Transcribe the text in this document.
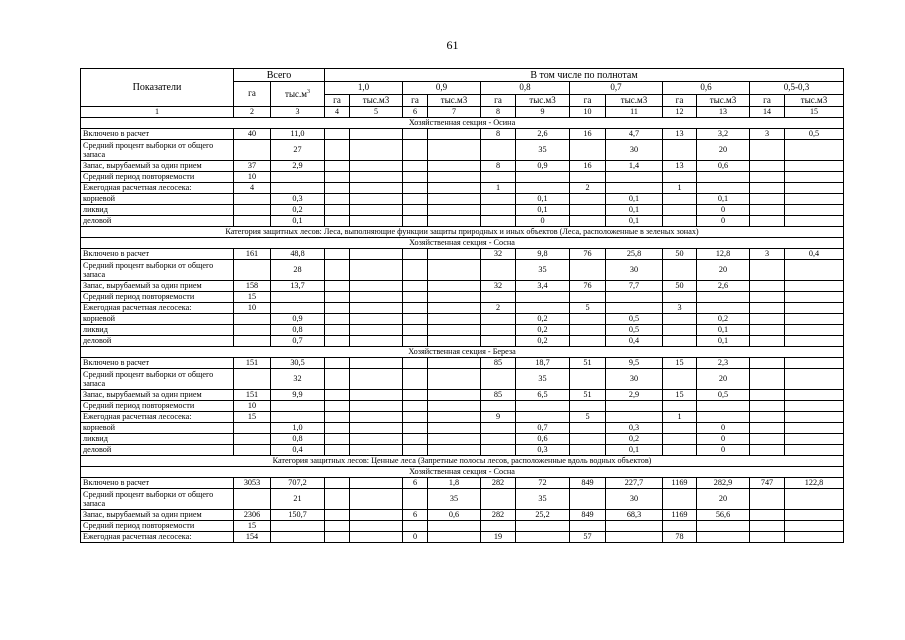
61
Показатели	Всего		В том числе по полнотам											
	га	$тыс.м^3$	1,0		0,9		0,8		0,7		0,6		0,5-0,3	
			га	тыс.м3	га	тыс.м3	га	тыс.м3	га	тыс.м3	га	тыс.м3	га	тыс.м3
1	2	3	4	5	6	7	8	9	10	11	12	13	14	15
Хозяйственная секция - Осина														
Включено в расчет	40	11,0					8	2,6	16	4,7	13	3,2	3	0,5
Средний процент выборки от общего запаса		27						35		30		20		
Запас, вырубаемый за один прием	37	2,9					8	0,9	16	1,4	13	0,6		
Средний период повторяемости	10													
Ежегодная расчетная лесосека:	4						1		2		1			
корневой		0,3						0,1		0,1		0,1		
ликвид		0,2						0,1		0,1		0		
деловой		0,1						0		0,1		0		
Категория защитных лесов: Леса, выполняющие функции защиты природных и иных объектов (Леса, расположенные в зеленых зонах)														
Хозяйственная секция - Сосна														
Включено в расчет	161	48,8					32	9,8	76	25,8	50	12,8	3	0,4
Средний процент выборки от общего запаса		28						35		30		20		
Запас, вырубаемый за один прием	158	13,7					32	3,4	76	7,7	50	2,6		
Средний период повторяемости	15													
Ежегодная расчетная лесосека:	10						2		5		3			
корневой		0,9						0,2		0,5		0,2		
ликвид		0,8						0,2		0,5		0,1		
деловой		0,7						0,2		0,4		0,1		
Хозяйственная секция - Береза														
Включено в расчет	151	30,5					85	18,7	51	9,5	15	2,3		
Средний процент выборки от общего запаса		32						35		30		20		
Запас, вырубаемый за один прием	151	9,9					85	6,5	51	2,9	15	0,5		
Средний период повторяемости	10													
Ежегодная расчетная лесосека:	15						9		5		1			
корневой		1,0						0,7		0,3		0		
ликвид		0,8						0,6		0,2		0		
деловой		0,4						0,3		0,1		0		
Категория защитных лесов: Ценные леса (Запретные полосы лесов, расположенные вдоль водных объектов)														
Хозяйственная секция - Сосна														
Включено в расчет	3053	707,2			6	1,8	282	72	849	227,7	1169	282,9	747	122,8
Средний процент выборки от общего запаса		21				35		35		30		20		
Запас, вырубаемый за один прием	2306	150,7			6	0,6	282	25,2	849	68,3	1169	56,6		
Средний период повторяемости	15													
Ежегодная расчетная лесосека:	154				0		19		57		78			
